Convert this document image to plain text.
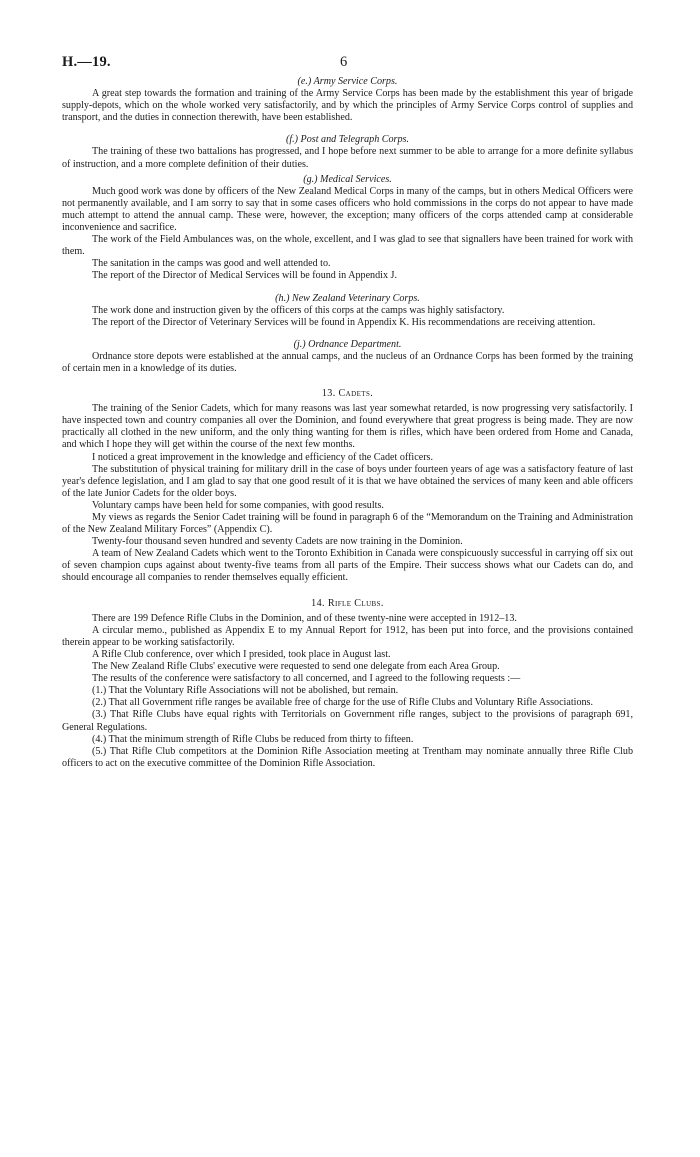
H.—19.	6

(e.) Army Service Corps.

A great step towards the formation and training of the Army Service Corps has been made by the establishment this year of brigade supply-depots, which on the whole worked very satisfactorily, and by which the principles of Army Service Corps control of supplies and transport, and the duties in connection therewith, have been established.

(f.) Post and Telegraph Corps.

The training of these two battalions has progressed, and I hope before next summer to be able to arrange for a more definite syllabus of instruction, and a more complete definition of their duties.

(g.) Medical Services.

Much good work was done by officers of the New Zealand Medical Corps in many of the camps, but in others Medical Officers were not permanently available, and I am sorry to say that in some cases officers who hold commissions in the corps do not appear to have made much attempt to attend the annual camp. These were, however, the exception; many officers of the corps attended camp at considerable inconvenience and sacrifice.

The work of the Field Ambulances was, on the whole, excellent, and I was glad to see that signallers have been trained for work with them.

The sanitation in the camps was good and well attended to.

The report of the Director of Medical Services will be found in Appendix J.

(h.) New Zealand Veterinary Corps.

The work done and instruction given by the officers of this corps at the camps was highly satisfactory.

The report of the Director of Veterinary Services will be found in Appendix K. His recommendations are receiving attention.

(j.) Ordnance Department.

Ordnance store depots were established at the annual camps, and the nucleus of an Ordnance Corps has been formed by the training of certain men in a knowledge of its duties.

13. Cadets.

The training of the Senior Cadets, which for many reasons was last year somewhat retarded, is now progressing very satisfactorily. I have inspected town and country companies all over the Dominion, and found everywhere that great progress is being made. They are now practically all clothed in the new uniform, and the only thing wanting for them is rifles, which have been ordered from Home and Canada, and which I hope they will get within the course of the next few months.

I noticed a great improvement in the knowledge and efficiency of the Cadet officers.

The substitution of physical training for military drill in the case of boys under fourteen years of age was a satisfactory feature of last year's defence legislation, and I am glad to say that one good result of it is that we have obtained the services of many keen and able officers of the late Junior Cadets for the older boys.

Voluntary camps have been held for some companies, with good results.

My views as regards the Senior Cadet training will be found in paragraph 6 of the “Memorandum on the Training and Administration of the New Zealand Military Forces” (Appendix C).

Twenty-four thousand seven hundred and seventy Cadets are now training in the Dominion.

A team of New Zealand Cadets which went to the Toronto Exhibition in Canada were conspicuously successful in carrying off six out of seven champion cups against about twenty-five teams from all parts of the Empire. Their success shows what our Cadets can do, and should encourage all companies to render themselves equally efficient.

14. Rifle Clubs.

There are 199 Defence Rifle Clubs in the Dominion, and of these twenty-nine were accepted in 1912–13.

A circular memo., published as Appendix E to my Annual Report for 1912, has been put into force, and the provisions contained therein appear to be working satisfactorily.

A Rifle Club conference, over which I presided, took place in August last.

The New Zealand Rifle Clubs' executive were requested to send one delegate from each Area Group.

The results of the conference were satisfactory to all concerned, and I agreed to the following requests :—

(1.) That the Voluntary Rifle Associations will not be abolished, but remain.

(2.) That all Government rifle ranges be available free of charge for the use of Rifle Clubs and Voluntary Rifle Associations.

(3.) That Rifle Clubs have equal rights with Territorials on Government rifle ranges, subject to the provisions of paragraph 691, General Regulations.

(4.) That the minimum strength of Rifle Clubs be reduced from thirty to fifteen.

(5.) That Rifle Club competitors at the Dominion Rifle Association meeting at Trentham may nominate annually three Rifle Club officers to act on the executive committee of the Dominion Rifle Association.
